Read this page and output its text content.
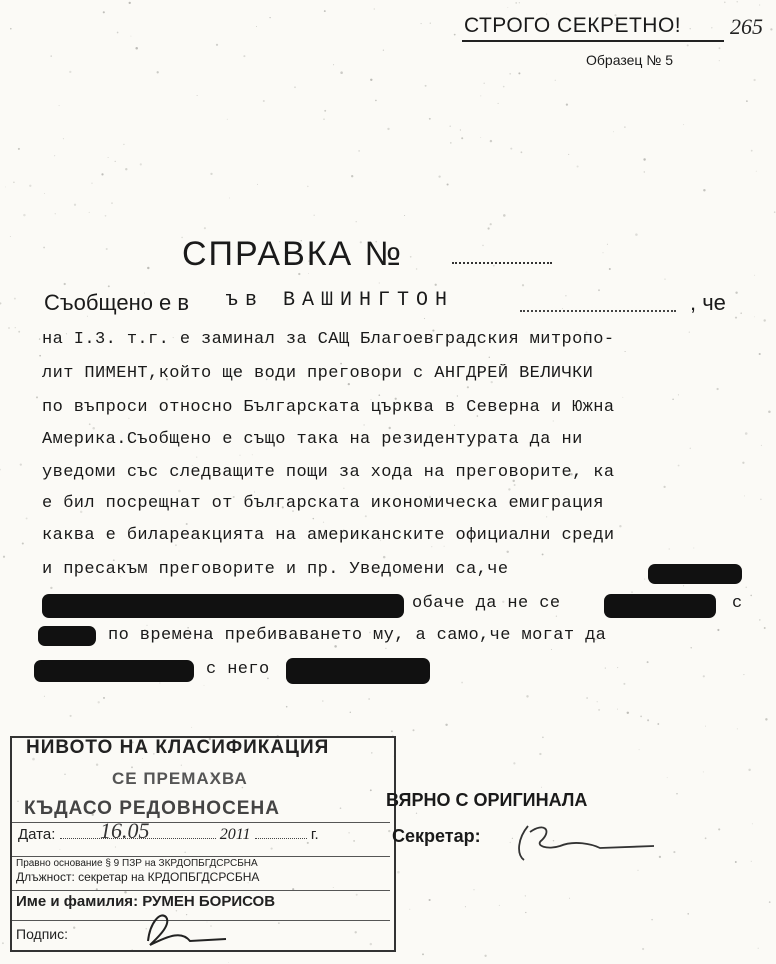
СТРОГО СЕКРЕТНО! 265
Образец № 5
СПРАВКА №
Съобщено е в ъв ВАШИНГТОН	, че
на I.3. т.г. е заминал за САЩ Благоевградския митропо-
лит ПИМЕНТ,който ще води преговори с АНГДРЕЙ ВЕЛИЧКИ
по въпроси относно Българската църква в Северна и Южна
Америка.Съобщено е също така на резидентурата да ни
уведоми със следващите пощи за хода на преговорите, ка
е бил посрещнат от българската икономическа емиграция
каква е билареакцията на американските официални среди
и пресакъм преговорите и пр. Уведомени са,че
обаче да не се	с
по времена пребиваването му, а само,че могат да
с него
НИВОТО НА КЛАСИФИКАЦИЯ
СЕ ПРЕМАХВА
КЪДАСО РЕДОВНОСЕНА
Дата:	2011	г.
16.05
Правно основание § 9 ПЗР на ЗКРДОПБГДСРСБНА
Длъжност: секретар на КРДОПБГДСРСБНА
Име и фамилия: РУМЕН БОРИСОВ
Подпис:
ВЯРНО С ОРИГИНАЛА
Секретар:
